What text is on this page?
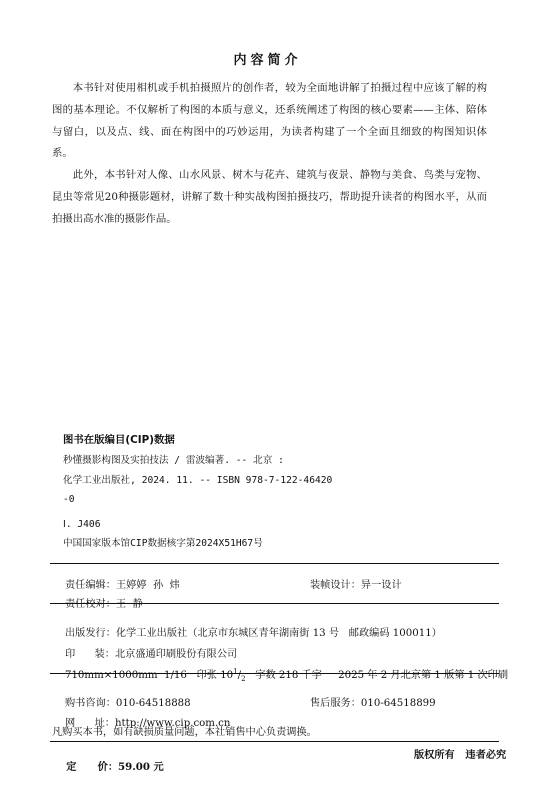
内容简介

本书针对使用相机或手机拍摄照片的创作者，较为全面地讲解了拍摄过程中应该了解的构图的基本理论。不仅解析了构图的本质与意义，还系统阐述了构图的核心要素——主体、陪体与留白，以及点、线、面在构图中的巧妙运用，为读者构建了一个全面且细致的构图知识体系。

此外，本书针对人像、山水风景、树木与花卉、建筑与夜景、静物与美食、鸟类与宠物、昆虫等常见20种摄影题材，讲解了数十种实战构图拍摄技巧，帮助提升读者的构图水平，从而拍摄出高水准的摄影作品。

图书在版编目(CIP)数据
秒懂摄影构图及实拍技法 / 雷波编著. -- 北京 :
化学工业出版社, 2024. 11. -- ISBN 978-7-122-46420
-0
Ⅰ. J406
中国国家版本馆CIP数据核字第2024X51H67号

责任编辑：王婷婷  孙  炜
	装帧设计：异一设计

责任校对：王  静

出版发行：化学工业出版社（北京市东城区青年湖南街 13 号   邮政编码 100011）

印      装：北京盛通印刷股份有限公司

710mm×1000mm  1/16   印张 $10^1/_2$   字数 218 千字     2025 年 2 月北京第 1 版第 1 次印刷

购书咨询：010-64518888
	售后服务：010-64518899

网      址：http://www.cip.com.cn

凡购买本书，如有缺损质量问题，本社销售中心负责调换。

定      价：59.00 元

版权所有   违者必究
